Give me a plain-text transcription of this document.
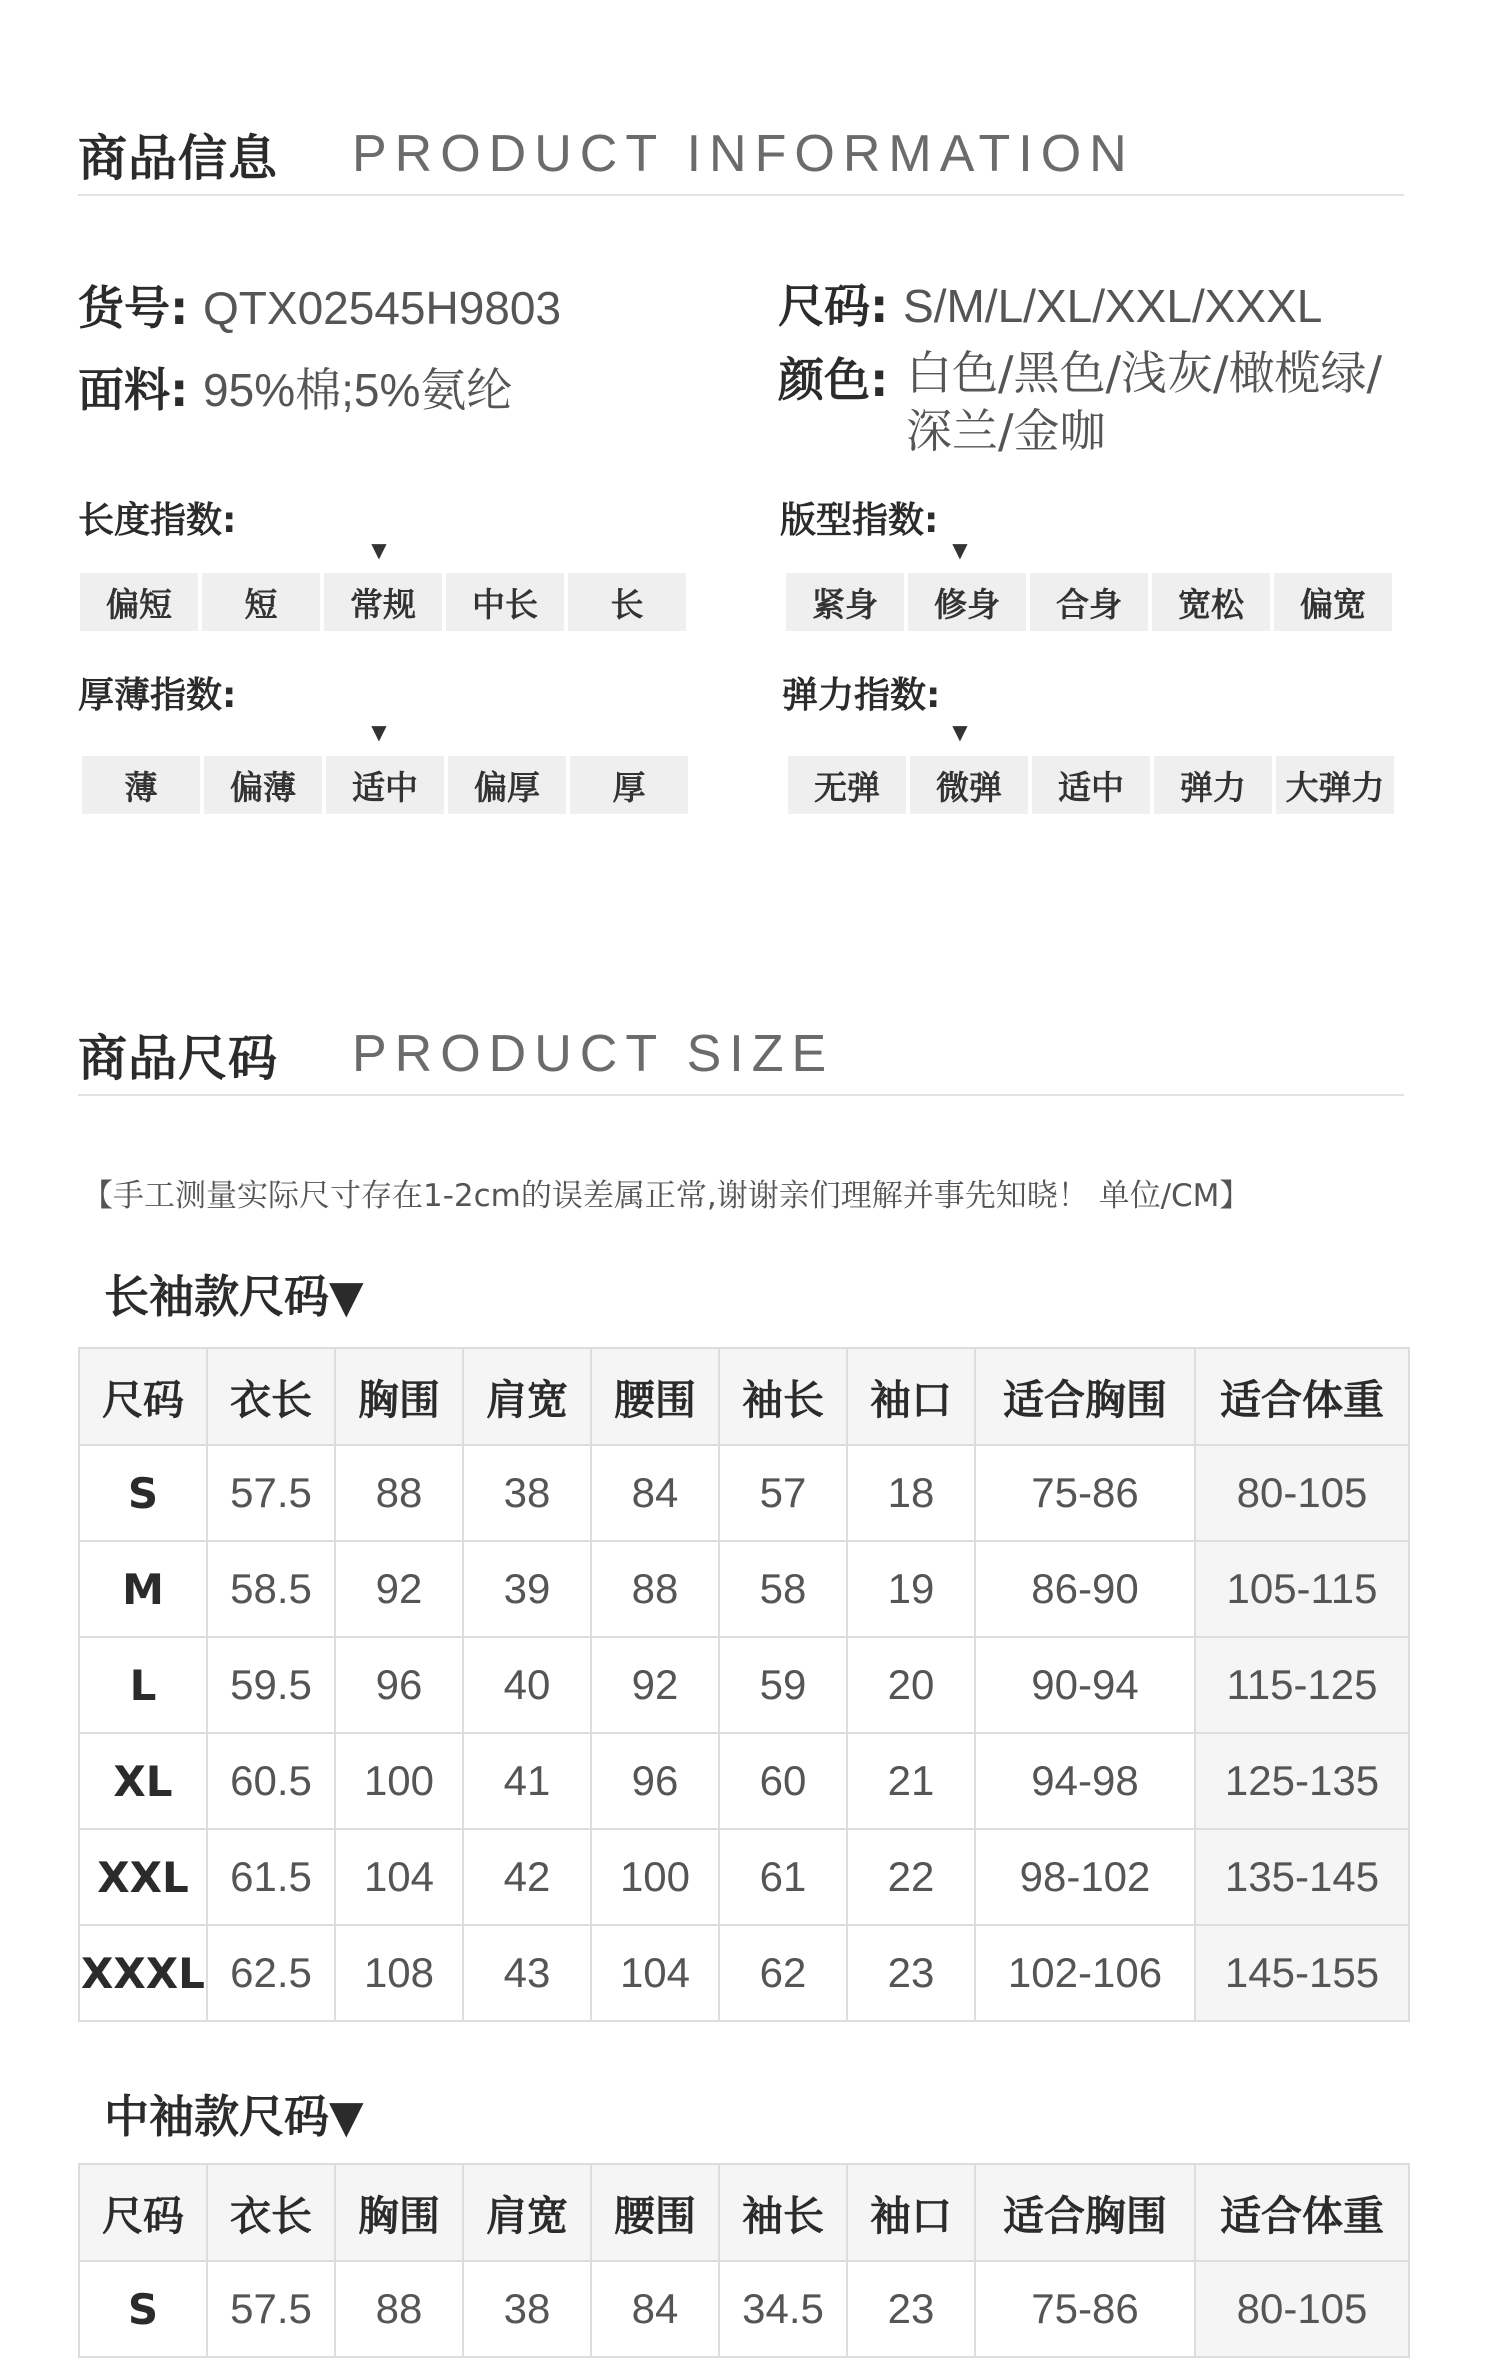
商品信息 PRODUCT INFORMATION
货号: QTX02545H9803	尺码: S/M/L/XL/XXL/XXXL
面料: 95%棉;5%氨纶	颜色: 白色/黑色/浅灰/橄榄绿/
深兰/金咖
长度指数:
▼
偏短	短	常规	中长	长
版型指数:
▼
紧身	修身	合身	宽松	偏宽
厚薄指数:
▼
薄	偏薄	适中	偏厚	厚
弹力指数:
▼
无弹	微弹	适中	弹力	大弹力
商品尺码 PRODUCT SIZE
【手工测量实际尺寸存在1-2cm的误差属正常,谢谢亲们理解并事先知晓！ 单位/CM】
长袖款尺码▼
尺码	衣长	胸围	肩宽	腰围	袖长	袖口	适合胸围	适合体重
S	57.5	88	38	84	57	18	75-86	80-105
M	58.5	92	39	88	58	19	86-90	105-115
L	59.5	96	40	92	59	20	90-94	115-125
XL	60.5	100	41	96	60	21	94-98	125-135
XXL	61.5	104	42	100	61	22	98-102	135-145
XXXL	62.5	108	43	104	62	23	102-106	145-155
中袖款尺码▼
尺码	衣长	胸围	肩宽	腰围	袖长	袖口	适合胸围	适合体重
S	57.5	88	38	84	34.5	23	75-86	80-105
